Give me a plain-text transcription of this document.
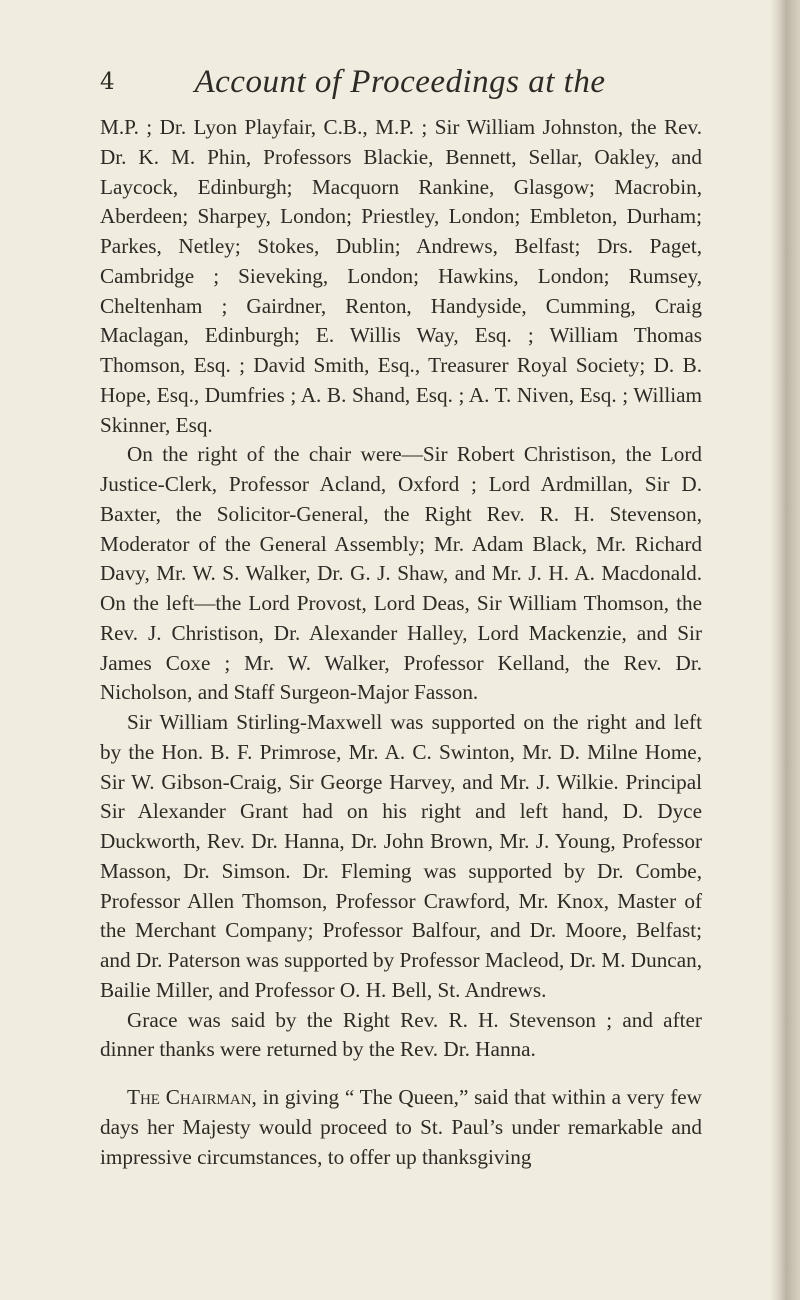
4	Account of Proceedings at the

M.P. ; Dr. Lyon Playfair, C.B., M.P. ; Sir William Johnston, the Rev. Dr. K. M. Phin, Professors Blackie, Bennett, Sellar, Oakley, and Laycock, Edinburgh; Macquorn Rankine, Glasgow; Macrobin, Aberdeen; Sharpey, London; Priestley, London; Embleton, Durham; Parkes, Netley; Stokes, Dublin; Andrews, Belfast; Drs. Paget, Cambridge ; Sieveking, London; Hawkins, London; Rumsey, Cheltenham ; Gairdner, Renton, Handyside, Cumming, Craig Maclagan, Edinburgh; E. Willis Way, Esq. ; William Thomas Thomson, Esq. ; David Smith, Esq., Treasurer Royal Society; D. B. Hope, Esq., Dumfries ; A. B. Shand, Esq. ; A. T. Niven, Esq. ; William Skinner, Esq.

On the right of the chair were—Sir Robert Christison, the Lord Justice-Clerk, Professor Acland, Oxford ; Lord Ardmillan, Sir D. Baxter, the Solicitor-General, the Right Rev. R. H. Stevenson, Moderator of the General Assembly; Mr. Adam Black, Mr. Richard Davy, Mr. W. S. Walker, Dr. G. J. Shaw, and Mr. J. H. A. Macdonald. On the left—the Lord Provost, Lord Deas, Sir William Thomson, the Rev. J. Christison, Dr. Alexander Halley, Lord Mackenzie, and Sir James Coxe ; Mr. W. Walker, Professor Kelland, the Rev. Dr. Nicholson, and Staff Surgeon-Major Fasson.

Sir William Stirling-Maxwell was supported on the right and left by the Hon. B. F. Primrose, Mr. A. C. Swinton, Mr. D. Milne Home, Sir W. Gibson-Craig, Sir George Harvey, and Mr. J. Wilkie. Principal Sir Alexander Grant had on his right and left hand, D. Dyce Duckworth, Rev. Dr. Hanna, Dr. John Brown, Mr. J. Young, Professor Masson, Dr. Simson. Dr. Fleming was supported by Dr. Combe, Professor Allen Thomson, Professor Crawford, Mr. Knox, Master of the Merchant Company; Professor Balfour, and Dr. Moore, Belfast; and Dr. Paterson was supported by Professor Macleod, Dr. M. Duncan, Bailie Miller, and Professor O. H. Bell, St. Andrews.

Grace was said by the Right Rev. R. H. Stevenson ; and after dinner thanks were returned by the Rev. Dr. Hanna.

The Chairman, in giving “ The Queen,” said that within a very few days her Majesty would proceed to St. Paul’s under remarkable and impressive circumstances, to offer up thanksgiving
